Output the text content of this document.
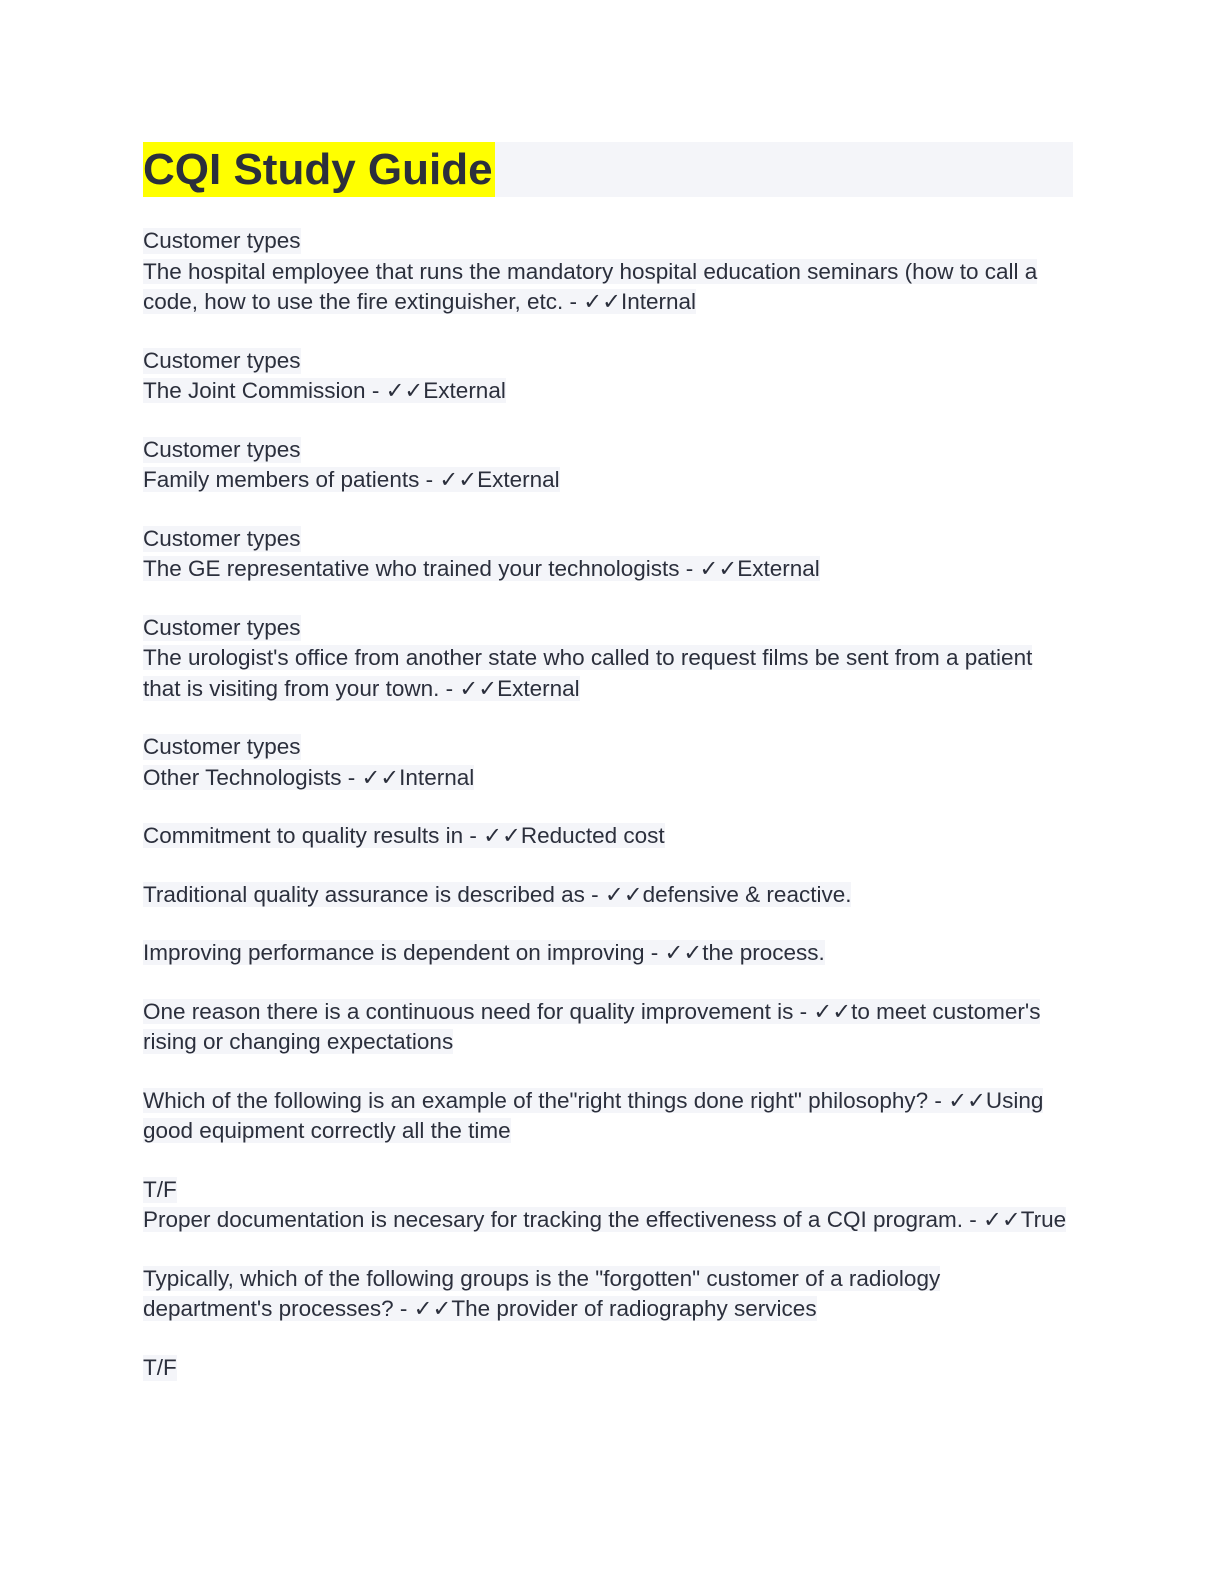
CQI Study Guide
Customer types
The hospital employee that runs the mandatory hospital education seminars (how to call a code, how to use the fire extinguisher, etc. - ✓✓Internal
Customer types
The Joint Commission - ✓✓External
Customer types
Family members of patients - ✓✓External
Customer types
The GE representative who trained your technologists - ✓✓External
Customer types
The urologist's office from another state who called to request films be sent from a patient that is visiting from your town. - ✓✓External
Customer types
Other Technologists - ✓✓Internal
Commitment to quality results in - ✓✓Reducted cost
Traditional quality assurance is described as - ✓✓defensive & reactive.
Improving performance is dependent on improving - ✓✓the process.
One reason there is a continuous need for quality improvement is - ✓✓to meet customer's rising or changing expectations
Which of the following is an example of the"right things done right" philosophy? - ✓✓Using good equipment correctly all the time
T/F
Proper documentation is necesary for tracking the effectiveness of a CQI program. - ✓✓True
Typically, which of the following groups is the "forgotten" customer of a radiology department's processes? - ✓✓The provider of radiography services
T/F
